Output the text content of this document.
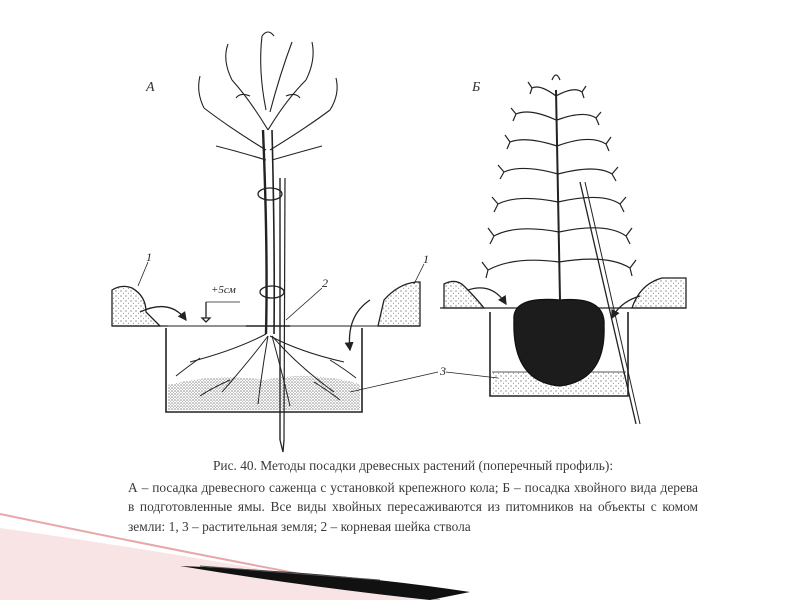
А	Б
1	1
2
3
+5см

Рис. 40. Методы посадки древесных растений (поперечный профиль):

А – посадка древесного саженца с установкой крепежного кола; Б – посадка хвойного вида дерева в подготовленные ямы. Все виды хвойных пересаживаются из питомников на объекты с комом земли: 1, 3 – растительная земля; 2 – корневая шейка ствола
